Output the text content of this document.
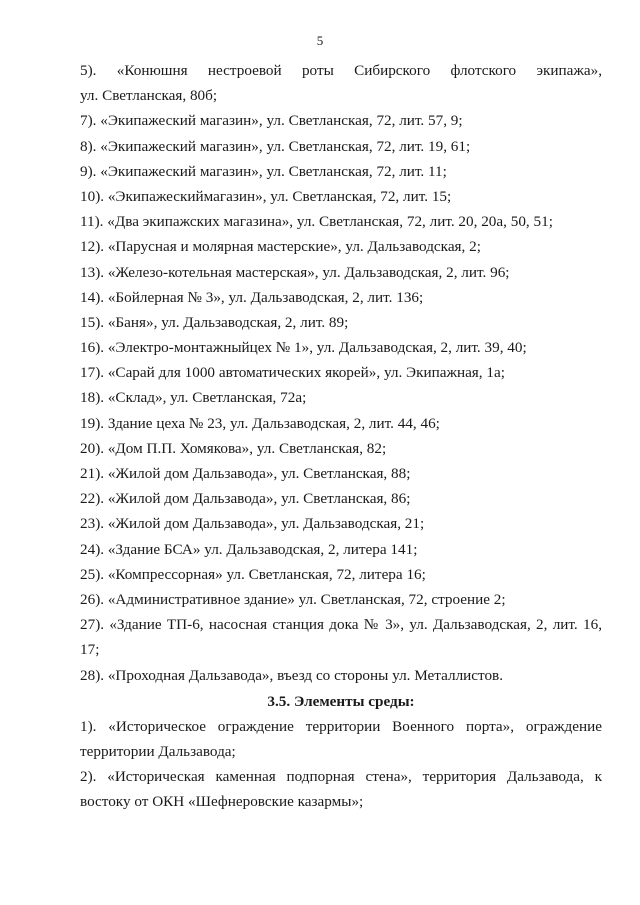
5
5). «Конюшня нестроевой роты Сибирского флотского экипажа»,
ул. Светланская, 80б;
7). «Экипажеский магазин», ул. Светланская, 72, лит. 57, 9;
8). «Экипажеский магазин», ул. Светланская, 72, лит. 19, 61;
9). «Экипажеский магазин», ул. Светланская, 72, лит. 11;
10). «Экипажескиймагазин», ул. Светланская, 72, лит. 15;
11). «Два экипажских магазина», ул. Светланская, 72, лит. 20, 20а, 50, 51;
12). «Парусная и молярная мастерские», ул. Дальзаводская, 2;
13). «Железо-котельная мастерская», ул. Дальзаводская, 2, лит. 96;
14). «Бойлерная № 3», ул. Дальзаводская, 2, лит. 136;
15). «Баня», ул. Дальзаводская, 2, лит. 89;
16). «Электро-монтажныйцех № 1», ул. Дальзаводская, 2, лит. 39, 40;
17). «Сарай для 1000 автоматических якорей», ул. Экипажная, 1а;
18). «Склад», ул. Светланская, 72а;
19). Здание цеха № 23, ул. Дальзаводская, 2, лит. 44, 46;
20). «Дом П.П. Хомякова», ул. Светланская, 82;
21). «Жилой дом Дальзавода», ул. Светланская, 88;
22). «Жилой дом Дальзавода», ул. Светланская, 86;
23). «Жилой дом Дальзавода», ул. Дальзаводская, 21;
24). «Здание БСА» ул. Дальзаводская, 2, литера 141;
25). «Компрессорная» ул. Светланская, 72, литера 16;
26). «Административное здание» ул. Светланская, 72, строение 2;
27). «Здание ТП-6, насосная станция дока № 3», ул. Дальзаводская, 2, лит. 16,
17;
28). «Проходная Дальзавода», въезд со стороны ул. Металлистов.
3.5. Элементы среды:
1). «Историческое ограждение территории Военного порта», ограждение
территории Дальзавода;
2). «Историческая каменная подпорная стена», территория Дальзавода, к
востоку от ОКН «Шефнеровские казармы»;
